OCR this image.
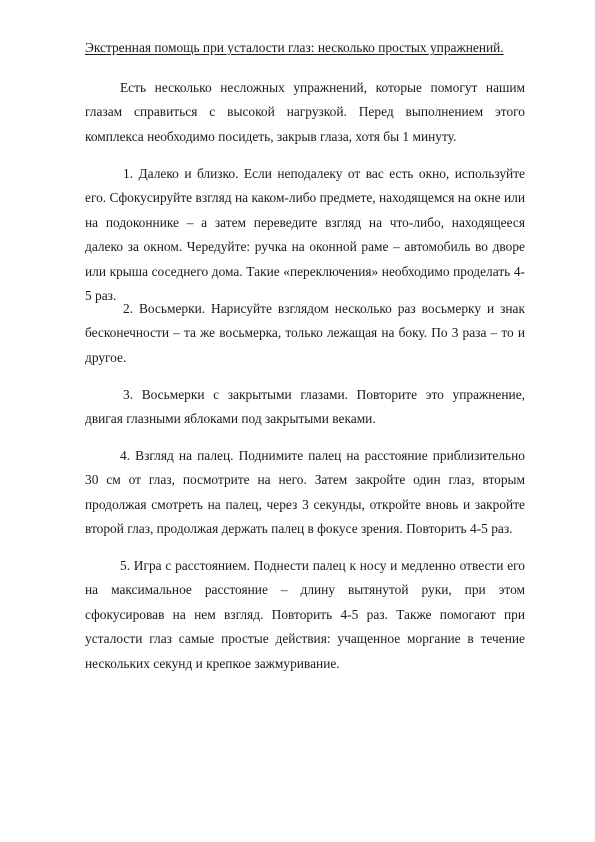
Экстренная помощь при усталости глаз: несколько простых упражнений.

Есть несколько несложных упражнений, которые помогут нашим глазам справиться с высокой нагрузкой. Перед выполнением этого комплекса необходимо посидеть, закрыв глаза, хотя бы 1 минуту.

1. Далеко и близко. Если неподалеку от вас есть окно, используйте его. Сфокусируйте взгляд на каком-либо предмете, находящемся на окне или на подоконнике – а затем переведите взгляд на что-либо, находящееся далеко за окном. Чередуйте: ручка на оконной раме – автомобиль во дворе или крыша соседнего дома. Такие «переключения» необходимо проделать 4-5 раз.

2. Восьмерки. Нарисуйте взглядом несколько раз восьмерку и знак бесконечности – та же восьмерка, только лежащая на боку. По 3 раза – то и другое.

3. Восьмерки с закрытыми глазами. Повторите это упражнение, двигая глазными яблоками под закрытыми веками.

4. Взгляд на палец. Поднимите палец на расстояние приблизительно 30 см от глаз, посмотрите на него. Затем закройте один глаз, вторым продолжая смотреть на палец, через 3 секунды, откройте вновь и закройте второй глаз, продолжая держать палец в фокусе зрения. Повторить 4-5 раз.

5. Игра с расстоянием. Поднести палец к носу и медленно отвести его на максимальное расстояние – длину вытянутой руки, при этом сфокусировав на нем взгляд. Повторить 4-5 раз. Также помогают при усталости глаз самые простые действия: учащенное моргание в течение нескольких секунд и крепкое зажмуривание.
